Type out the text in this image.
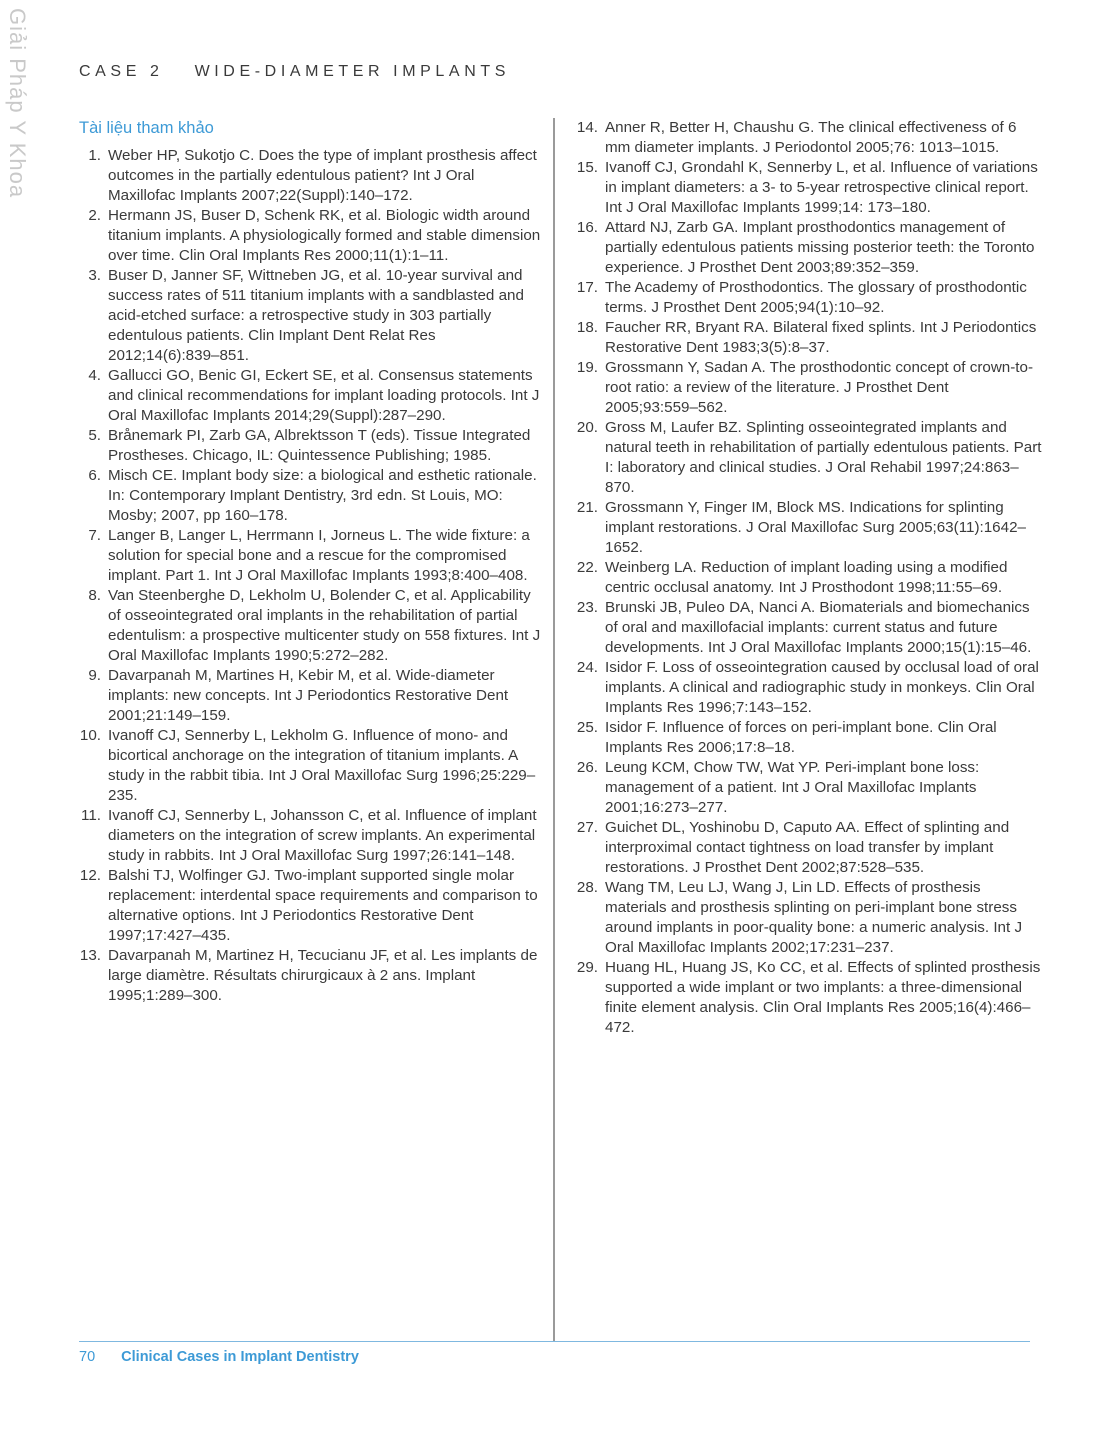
Giải Pháp Y Khoa	CASE 2 WIDE-DIAMETER IMPLANTS
Tài liệu tham khảo
1. Weber HP, Sukotjo C. Does the type of implant prosthesis affect outcomes in the partially edentulous patient? Int J Oral Maxillofac Implants 2007;22(Suppl):140–172.
2. Hermann JS, Buser D, Schenk RK, et al. Biologic width around titanium implants. A physiologically formed and stable dimension over time. Clin Oral Implants Res 2000;11(1):1–11.
3. Buser D, Janner SF, Wittneben JG, et al. 10-year survival and success rates of 511 titanium implants with a sandblasted and acid-etched surface: a retrospective study in 303 partially edentulous patients. Clin Implant Dent Relat Res 2012;14(6):839–851.
4. Gallucci GO, Benic GI, Eckert SE, et al. Consensus statements and clinical recommendations for implant loading protocols. Int J Oral Maxillofac Implants 2014;29(Suppl):287–290.
5. Brånemark PI, Zarb GA, Albrektsson T (eds). Tissue Integrated Prostheses. Chicago, IL: Quintessence Publishing; 1985.
6. Misch CE. Implant body size: a biological and esthetic rationale. In: Contemporary Implant Dentistry, 3rd edn. St Louis, MO: Mosby; 2007, pp 160–178.
7. Langer B, Langer L, Herrmann I, Jorneus L. The wide fixture: a solution for special bone and a rescue for the compromised implant. Part 1. Int J Oral Maxillofac Implants 1993;8:400–408.
8. Van Steenberghe D, Lekholm U, Bolender C, et al. Applicability of osseointegrated oral implants in the rehabilitation of partial edentulism: a prospective multicenter study on 558 fixtures. Int J Oral Maxillofac Implants 1990;5:272–282.
9. Davarpanah M, Martines H, Kebir M, et al. Wide-diameter implants: new concepts. Int J Periodontics Restorative Dent 2001;21:149–159.
10. Ivanoff CJ, Sennerby L, Lekholm G. Influence of mono- and bicortical anchorage on the integration of titanium implants. A study in the rabbit tibia. Int J Oral Maxillofac Surg 1996;25:229–235.
11. Ivanoff CJ, Sennerby L, Johansson C, et al. Influence of implant diameters on the integration of screw implants. An experimental study in rabbits. Int J Oral Maxillofac Surg 1997;26:141–148.
12. Balshi TJ, Wolfinger GJ. Two-implant supported single molar replacement: interdental space requirements and comparison to alternative options. Int J Periodontics Restorative Dent 1997;17:427–435.
13. Davarpanah M, Martinez H, Tecucianu JF, et al. Les implants de large diamètre. Résultats chirurgicaux à 2 ans. Implant 1995;1:289–300.
14. Anner R, Better H, Chaushu G. The clinical effectiveness of 6 mm diameter implants. J Periodontol 2005;76: 1013–1015.
15. Ivanoff CJ, Grondahl K, Sennerby L, et al. Influence of variations in implant diameters: a 3- to 5-year retrospective clinical report. Int J Oral Maxillofac Implants 1999;14: 173–180.
16. Attard NJ, Zarb GA. Implant prosthodontics management of partially edentulous patients missing posterior teeth: the Toronto experience. J Prosthet Dent 2003;89:352–359.
17. The Academy of Prosthodontics. The glossary of prosthodontic terms. J Prosthet Dent 2005;94(1):10–92.
18. Faucher RR, Bryant RA. Bilateral fixed splints. Int J Periodontics Restorative Dent 1983;3(5):8–37.
19. Grossmann Y, Sadan A. The prosthodontic concept of crown-to-root ratio: a review of the literature. J Prosthet Dent 2005;93:559–562.
20. Gross M, Laufer BZ. Splinting osseointegrated implants and natural teeth in rehabilitation of partially edentulous patients. Part I: laboratory and clinical studies. J Oral Rehabil 1997;24:863–870.
21. Grossmann Y, Finger IM, Block MS. Indications for splinting implant restorations. J Oral Maxillofac Surg 2005;63(11):1642–1652.
22. Weinberg LA. Reduction of implant loading using a modified centric occlusal anatomy. Int J Prosthodont 1998;11:55–69.
23. Brunski JB, Puleo DA, Nanci A. Biomaterials and biomechanics of oral and maxillofacial implants: current status and future developments. Int J Oral Maxillofac Implants 2000;15(1):15–46.
24. Isidor F. Loss of osseointegration caused by occlusal load of oral implants. A clinical and radiographic study in monkeys. Clin Oral Implants Res 1996;7:143–152.
25. Isidor F. Influence of forces on peri-implant bone. Clin Oral Implants Res 2006;17:8–18.
26. Leung KCM, Chow TW, Wat YP. Peri-implant bone loss: management of a patient. Int J Oral Maxillofac Implants 2001;16:273–277.
27. Guichet DL, Yoshinobu D, Caputo AA. Effect of splinting and interproximal contact tightness on load transfer by implant restorations. J Prosthet Dent 2002;87:528–535.
28. Wang TM, Leu LJ, Wang J, Lin LD. Effects of prosthesis materials and prosthesis splinting on peri-implant bone stress around implants in poor-quality bone: a numeric analysis. Int J Oral Maxillofac Implants 2002;17:231–237.
29. Huang HL, Huang JS, Ko CC, et al. Effects of splinted prosthesis supported a wide implant or two implants: a three-dimensional finite element analysis. Clin Oral Implants Res 2005;16(4):466–472.
70 Clinical Cases in Implant Dentistry
